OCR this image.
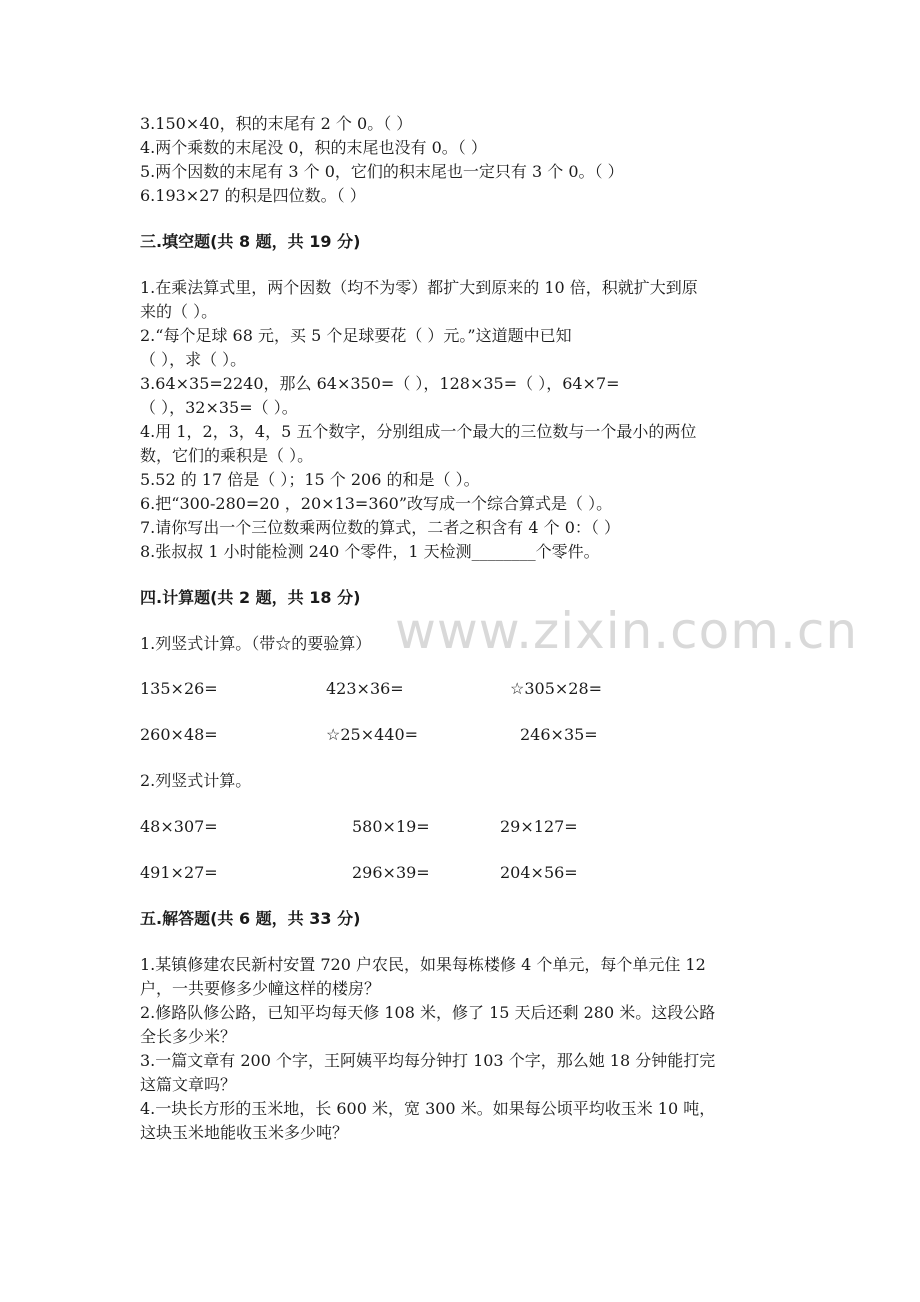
3.150×40，积的末尾有 2 个 0。（ ）
4.两个乘数的末尾没 0，积的末尾也没有 0。（ ）
5.两个因数的末尾有 3 个 0，它们的积末尾也一定只有 3 个 0。（ ）
6.193×27 的积是四位数。（ ）
三.填空题(共 8 题，共 19 分)
1.在乘法算式里，两个因数（均不为零）都扩大到原来的 10 倍，积就扩大到原
来的（ ）。
2.“每个足球 68 元，买 5 个足球要花（ ）元。”这道题中已知
（ ），求（ ）。
3.64×35=2240，那么 64×350=（ ），128×35=（ ），64×7=
（ ），32×35=（ ）。
4.用 1，2，3，4，5 五个数字，分别组成一个最大的三位数与一个最小的两位
数，它们的乘积是（ ）。
5.52 的 17 倍是（ ）；15 个 206 的和是（ ）。
6.把“300-280=20 ，20×13=360”改写成一个综合算式是（ ）。
7.请你写出一个三位数乘两位数的算式，二者之积含有 4 个 0：（ ）
8.张叔叔 1 小时能检测 240 个零件，1 天检测________个零件。
四.计算题(共 2 题，共 18 分)
1.列竖式计算。（带☆的要验算）
135×26=	423×36=	☆305×28=
260×48=	☆25×440=	246×35=
2.列竖式计算。
48×307=	580×19=	29×127=
491×27=	296×39=	204×56=
五.解答题(共 6 题，共 33 分)
1.某镇修建农民新村安置 720 户农民，如果每栋楼修 4 个单元，每个单元住 12
户，一共要修多少幢这样的楼房？
2.修路队修公路，已知平均每天修 108 米，修了 15 天后还剩 280 米。这段公路
全长多少米？
3.一篇文章有 200 个字，王阿姨平均每分钟打 103 个字，那么她 18 分钟能打完
这篇文章吗？
4.一块长方形的玉米地，长 600 米，宽 300 米。如果每公顷平均收玉米 10 吨，
这块玉米地能收玉米多少吨？
www.zixin.com.cn
